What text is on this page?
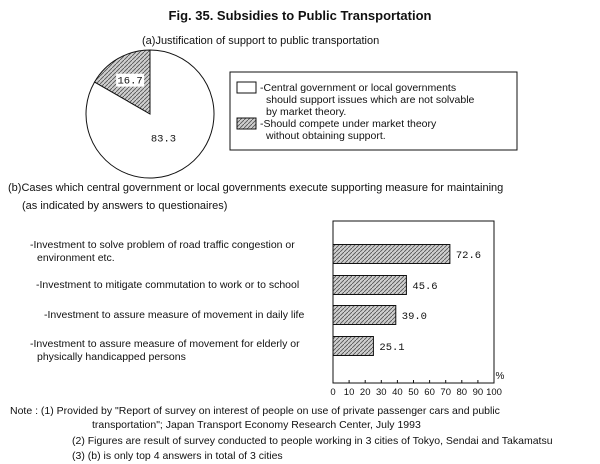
Fig. 35. Subsidies to Public Transportation
(a)Justification of support to public transportation
83.3
16.7
-Central government or local governments
should support issues which are not solvable
by market theory.
-Should compete under market theory
without obtaining support.
(b)Cases which central government or local governments execute supporting measure for maintaining
(as indicated by answers to questionaires)
0 10 20 30 40 50 60 70 80 90 100
%
72.6
45.6
39.0
25.1
-Investment to solve problem of road traffic congestion or
environment etc.
-Investment to mitigate commutation to work or to school
-Investment to assure measure of movement in daily life
-Investment to assure measure of movement for elderly or
physically handicapped persons
Note : (1) Provided by "Report of survey on interest of people on use of private passenger cars and public
transportation"; Japan Transport Economy Research Center, July 1993
(2) Figures are result of survey conducted to people working in 3 cities of Tokyo, Sendai and Takamatsu
(3) (b) is only top 4 answers in total of 3 cities
